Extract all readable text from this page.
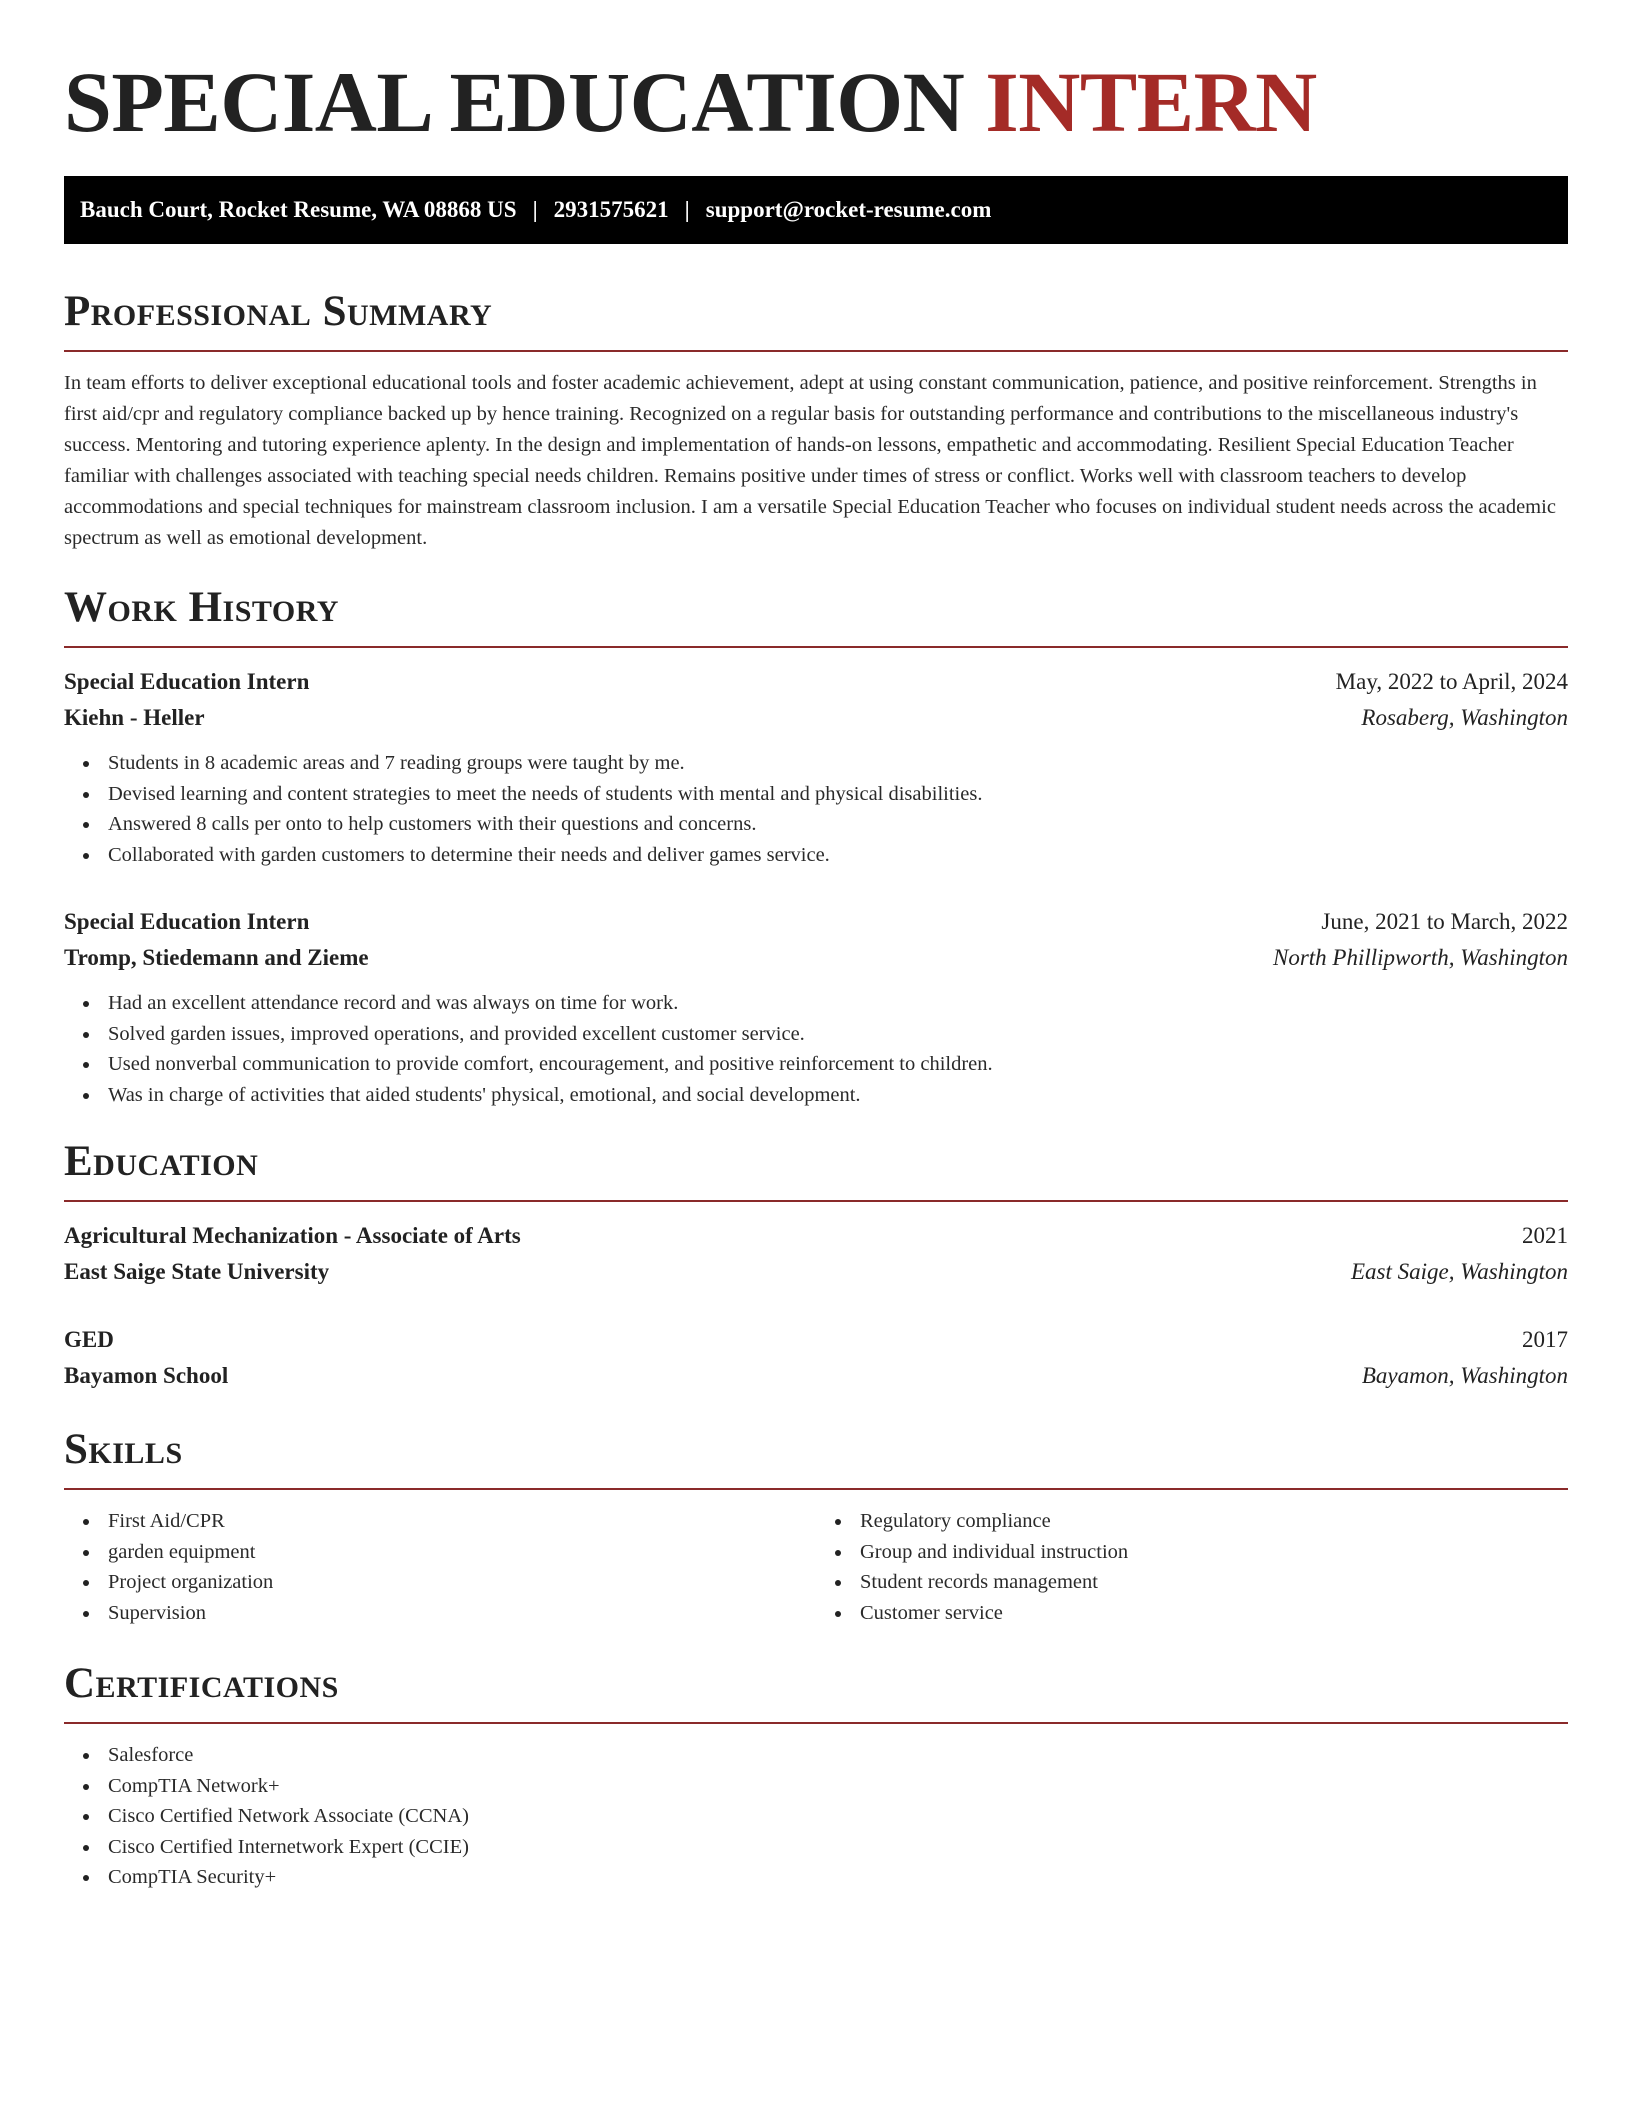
SPECIAL EDUCATION INTERN
Bauch Court, Rocket Resume, WA 08868 US | 2931575621 | support@rocket-resume.com
Professional Summary

In team efforts to deliver exceptional educational tools and foster academic achievement, adept at using constant communication, patience, and positive reinforcement. Strengths in first aid/cpr and regulatory compliance backed up by hence training. Recognized on a regular basis for outstanding performance and contributions to the miscellaneous industry's success. Mentoring and tutoring experience aplenty. In the design and implementation of hands-on lessons, empathetic and accommodating. Resilient Special Education Teacher familiar with challenges associated with teaching special needs children. Remains positive under times of stress or conflict. Works well with classroom teachers to develop accommodations and special techniques for mainstream classroom inclusion. I am a versatile Special Education Teacher who focuses on individual student needs across the academic spectrum as well as emotional development.

Work History
Special Education Intern	May, 2022 to April, 2024
Kiehn - Heller	Rosaberg, Washington
Students in 8 academic areas and 7 reading groups were taught by me.
Devised learning and content strategies to meet the needs of students with mental and physical disabilities.
Answered 8 calls per onto to help customers with their questions and concerns.
Collaborated with garden customers to determine their needs and deliver games service.
Special Education Intern	June, 2021 to March, 2022
Tromp, Stiedemann and Zieme	North Phillipworth, Washington
Had an excellent attendance record and was always on time for work.
Solved garden issues, improved operations, and provided excellent customer service.
Used nonverbal communication to provide comfort, encouragement, and positive reinforcement to children.
Was in charge of activities that aided students' physical, emotional, and social development.
Education
Agricultural Mechanization - Associate of Arts	2021
East Saige State University	East Saige, Washington
GED	2017
Bayamon School	Bayamon, Washington
Skills
First Aid/CPR
garden equipment
Project organization
Supervision
Regulatory compliance
Group and individual instruction
Student records management
Customer service
Certifications
Salesforce
CompTIA Network+
Cisco Certified Network Associate (CCNA)
Cisco Certified Internetwork Expert (CCIE)
CompTIA Security+
